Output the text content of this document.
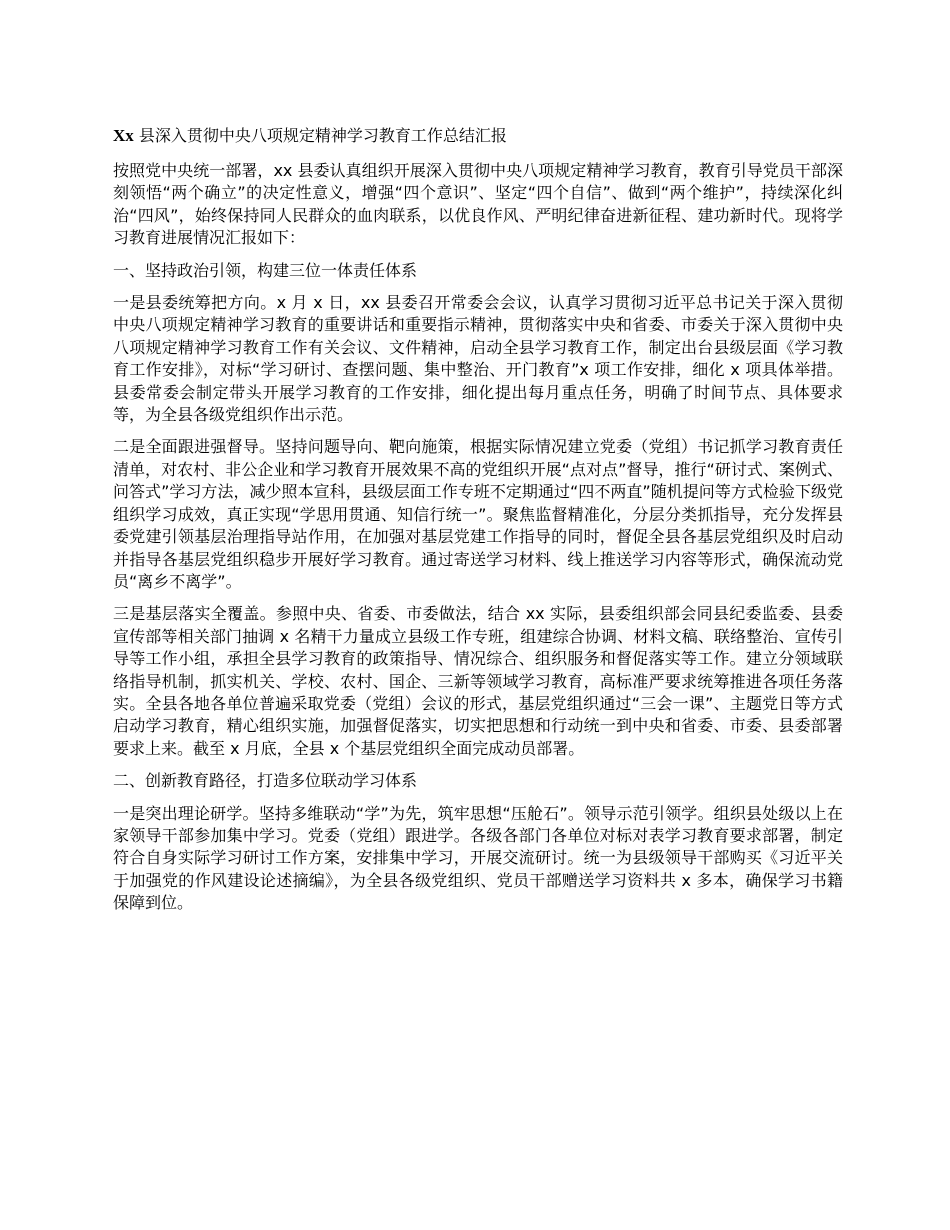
Xx 县深入贯彻中央八项规定精神学习教育工作总结汇报

按照党中央统一部署，xx 县委认真组织开展深入贯彻中央八项规定精神学习教育，教育引导党员干部深刻领悟“两个确立”的决定性意义，增强“四个意识”、坚定“四个自信”、做到“两个维护”，持续深化纠治“四风”，始终保持同人民群众的血肉联系，以优良作风、严明纪律奋进新征程、建功新时代。现将学习教育进展情况汇报如下：

一、坚持政治引领，构建三位一体责任体系

一是县委统筹把方向。x 月 x 日，xx 县委召开常委会会议，认真学习贯彻习近平总书记关于深入贯彻中央八项规定精神学习教育的重要讲话和重要指示精神，贯彻落实中央和省委、市委关于深入贯彻中央八项规定精神学习教育工作有关会议、文件精神，启动全县学习教育工作，制定出台县级层面《学习教育工作安排》，对标“学习研讨、查摆问题、集中整治、开门教育”x 项工作安排，细化 x 项具体举措。县委常委会制定带头开展学习教育的工作安排，细化提出每月重点任务，明确了时间节点、具体要求等，为全县各级党组织作出示范。

二是全面跟进强督导。坚持问题导向、靶向施策，根据实际情况建立党委（党组）书记抓学习教育责任清单，对农村、非公企业和学习教育开展效果不高的党组织开展“点对点”督导，推行“研讨式、案例式、问答式”学习方法，减少照本宣科，县级层面工作专班不定期通过“四不两直”随机提问等方式检验下级党组织学习成效，真正实现“学思用贯通、知信行统一”。聚焦监督精准化，分层分类抓指导，充分发挥县委党建引领基层治理指导站作用，在加强对基层党建工作指导的同时，督促全县各基层党组织及时启动并指导各基层党组织稳步开展好学习教育。通过寄送学习材料、线上推送学习内容等形式，确保流动党员“离乡不离学”。

三是基层落实全覆盖。参照中央、省委、市委做法，结合 xx 实际，县委组织部会同县纪委监委、县委宣传部等相关部门抽调 x 名精干力量成立县级工作专班，组建综合协调、材料文稿、联络整治、宣传引导等工作小组，承担全县学习教育的政策指导、情况综合、组织服务和督促落实等工作。建立分领域联络指导机制，抓实机关、学校、农村、国企、三新等领域学习教育，高标准严要求统筹推进各项任务落实。全县各地各单位普遍采取党委（党组）会议的形式，基层党组织通过“三会一课”、主题党日等方式启动学习教育，精心组织实施，加强督促落实，切实把思想和行动统一到中央和省委、市委、县委部署要求上来。截至 x 月底，全县 x 个基层党组织全面完成动员部署。

二、创新教育路径，打造多位联动学习体系

一是突出理论研学。坚持多维联动“学”为先，筑牢思想“压舱石”。领导示范引领学。组织县处级以上在家领导干部参加集中学习。党委（党组）跟进学。各级各部门各单位对标对表学习教育要求部署，制定符合自身实际学习研讨工作方案，安排集中学习，开展交流研讨。统一为县级领导干部购买《习近平关于加强党的作风建设论述摘编》，为全县各级党组织、党员干部赠送学习资料共 x 多本，确保学习书籍保障到位。
